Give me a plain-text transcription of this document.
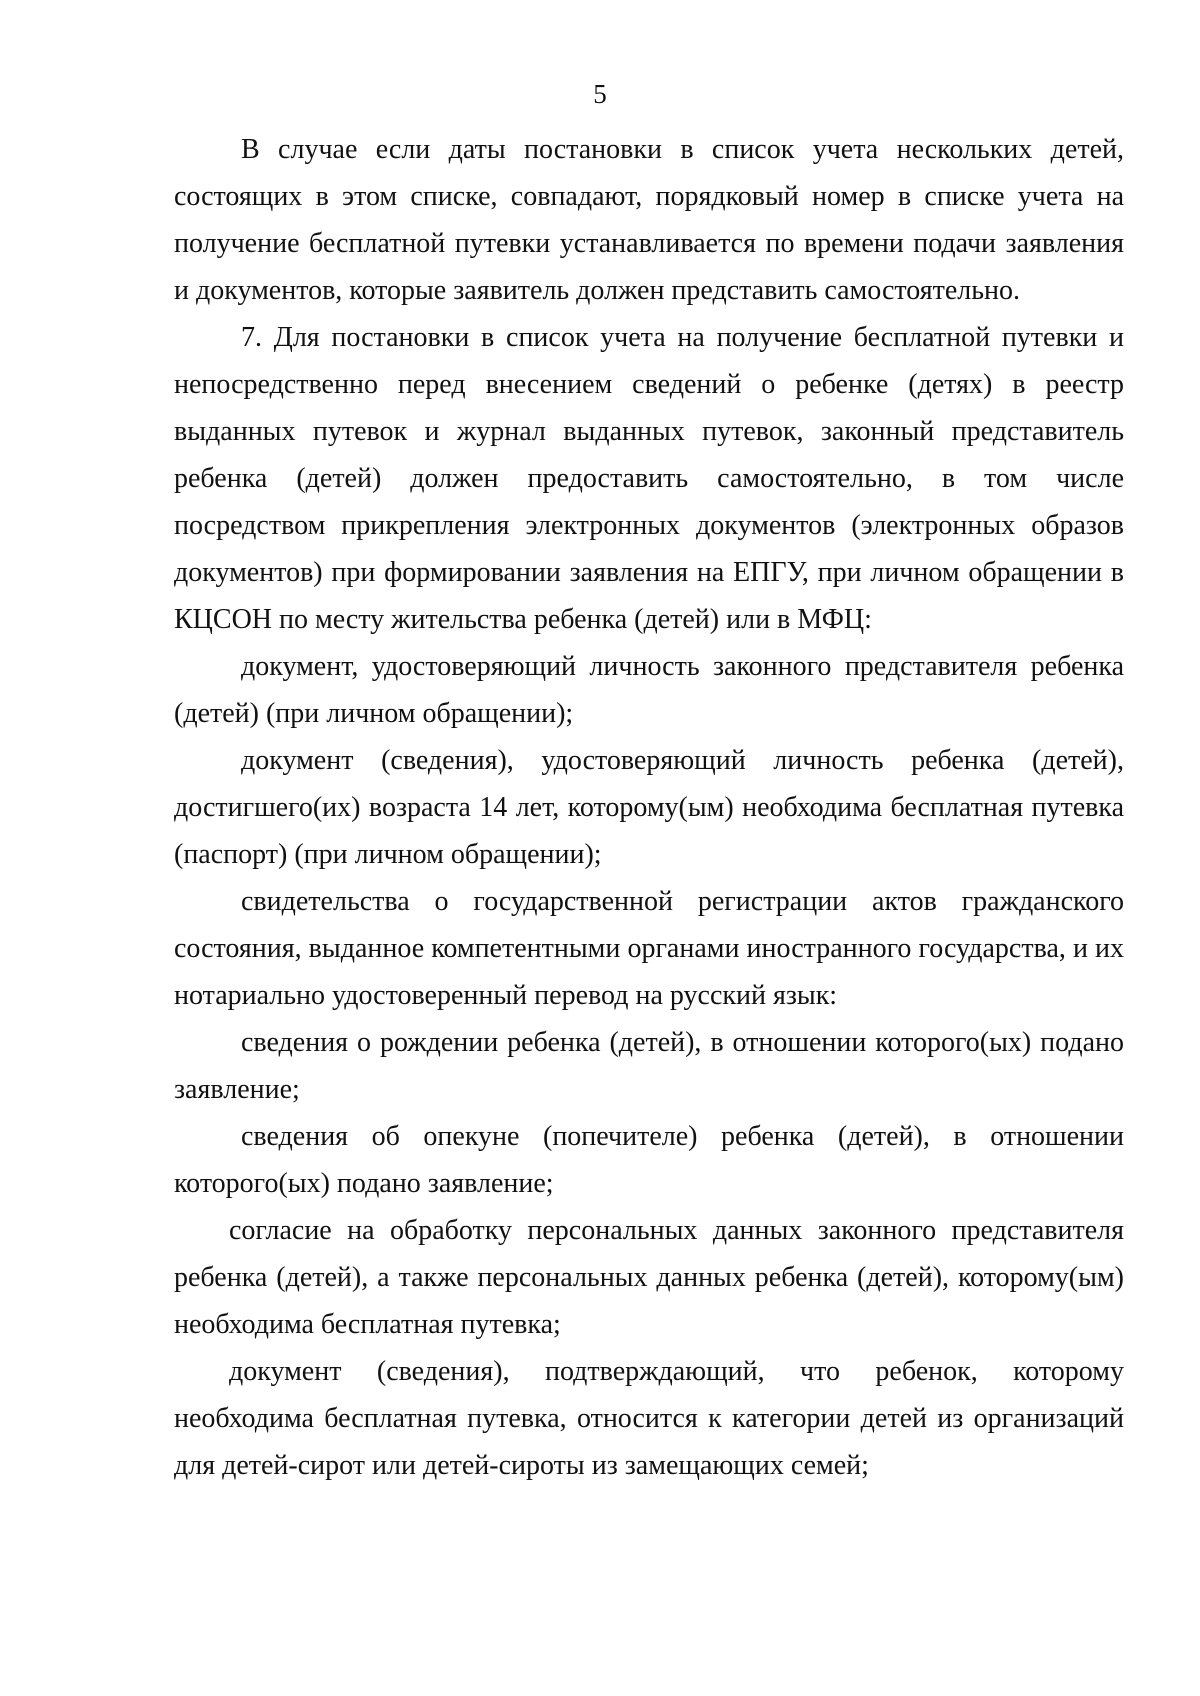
5

В случае если даты постановки в список учета нескольких детей, состоящих в этом списке, совпадают, порядковый номер в списке учета на получение бесплатной путевки устанавливается по времени подачи заявления и документов, которые заявитель должен представить самостоятельно.

7. Для постановки в список учета на получение бесплатной путевки и непосредственно перед внесением сведений о ребенке (детях) в реестр выданных путевок и журнал выданных путевок, законный представитель ребенка (детей) должен предоставить самостоятельно, в том числе посредством прикрепления электронных документов (электронных образов документов) при формировании заявления на ЕПГУ, при личном обращении в КЦСОН по месту жительства ребенка (детей) или в МФЦ:

документ, удостоверяющий личность законного представителя ребенка (детей) (при личном обращении);

документ (сведения), удостоверяющий личность ребенка (детей), достигшего(их) возраста 14 лет, которому(ым) необходима бесплатная путевка (паспорт) (при личном обращении);

свидетельства о государственной регистрации актов гражданского состояния, выданное компетентными органами иностранного государства, и их нотариально удостоверенный перевод на русский язык:

сведения о рождении ребенка (детей), в отношении которого(ых) подано заявление;

сведения об опекуне (попечителе) ребенка (детей), в отношении которого(ых) подано заявление;

согласие на обработку персональных данных законного представителя ребенка (детей), а также персональных данных ребенка (детей), которому(ым) необходима бесплатная путевка;

документ (сведения), подтверждающий, что ребенок, которому необходима бесплатная путевка, относится к категории детей из организаций для детей-сирот или детей-сироты из замещающих семей;
